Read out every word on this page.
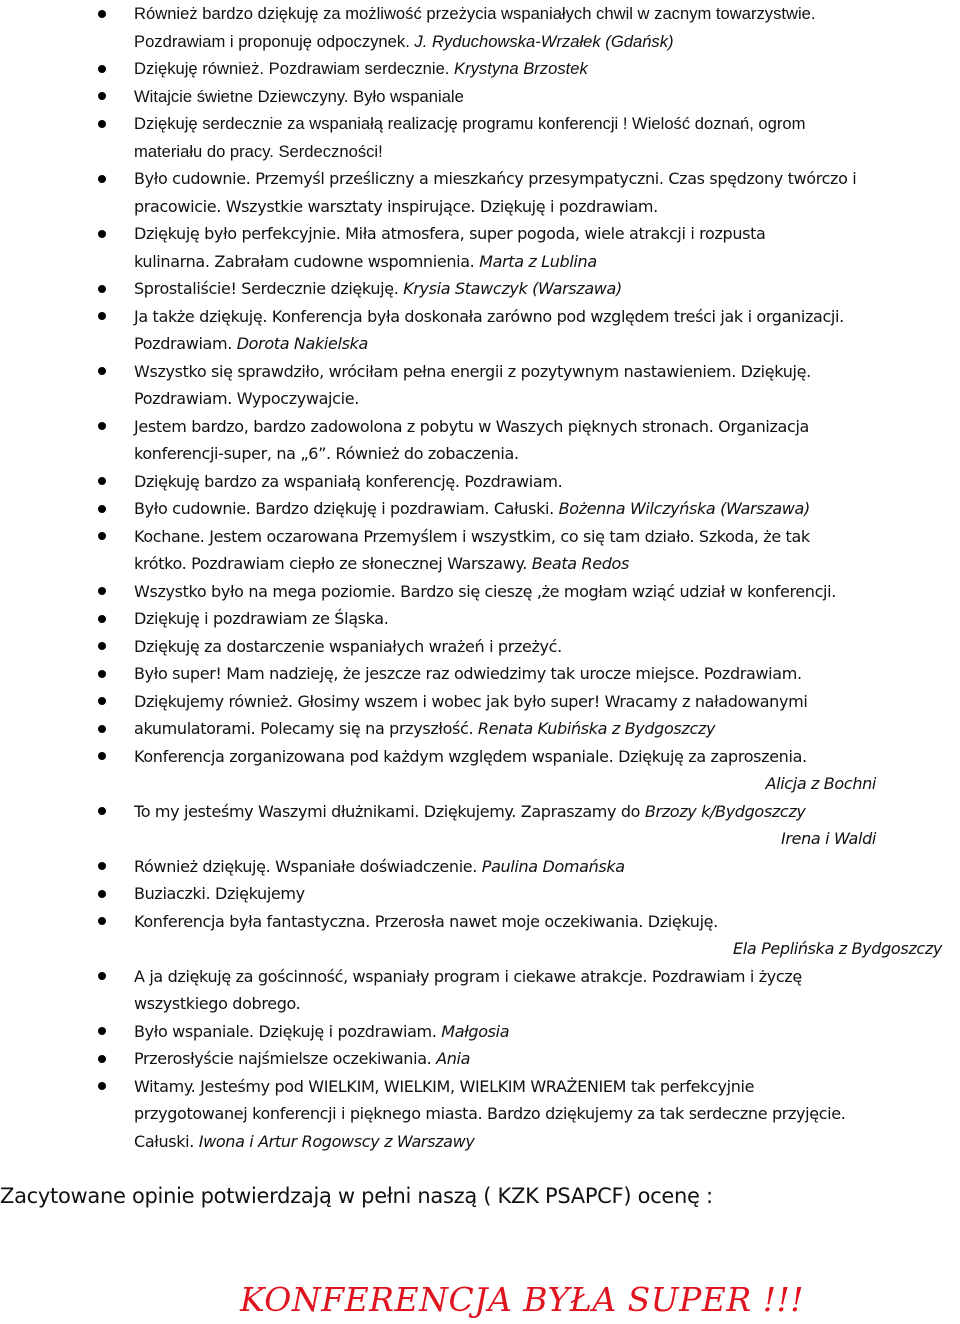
Również bardzo dziękuję za możliwość przeżycia wspaniałych chwil w zacnym towarzystwie.
Pozdrawiam i proponuję odpoczynek. J. Ryduchowska-Wrzałek (Gdańsk)
Dziękuję również. Pozdrawiam serdecznie. Krystyna Brzostek
Witajcie świetne Dziewczyny. Było wspaniale
Dziękuję serdecznie za wspaniałą realizację programu konferencji ! Wielość doznań, ogrom
materiału do pracy. Serdeczności!
Było cudownie. Przemyśl prześliczny a mieszkańcy przesympatyczni. Czas spędzony twórczo i
pracowicie. Wszystkie warsztaty inspirujące. Dziękuję i pozdrawiam.
Dziękuję było perfekcyjnie. Miła atmosfera, super pogoda, wiele atrakcji i rozpusta
kulinarna. Zabrałam cudowne wspomnienia. Marta z Lublina
Sprostaliście! Serdecznie dziękuję. Krysia Stawczyk (Warszawa)
Ja także dziękuję. Konferencja była doskonała zarówno pod względem treści jak i organizacji.
Pozdrawiam. Dorota Nakielska
Wszystko się sprawdziło, wróciłam pełna energii z pozytywnym nastawieniem. Dziękuję.
Pozdrawiam. Wypoczywajcie.
Jestem bardzo, bardzo zadowolona z pobytu w Waszych pięknych stronach. Organizacja
konferencji-super, na „6”. Również do zobaczenia.
Dziękuję bardzo za wspaniałą konferencję. Pozdrawiam.
Było cudownie. Bardzo dziękuję i pozdrawiam. Całuski. Bożenna Wilczyńska (Warszawa)
Kochane. Jestem oczarowana Przemyślem i wszystkim, co się tam działo. Szkoda, że tak
krótko. Pozdrawiam ciepło ze słonecznej Warszawy. Beata Redos
Wszystko było na mega poziomie. Bardzo się cieszę ,że mogłam wziąć udział w konferencji.
Dziękuję i pozdrawiam ze Śląska.
Dziękuję za dostarczenie wspaniałych wrażeń i przeżyć.
Było super! Mam nadzieję, że jeszcze raz odwiedzimy tak urocze miejsce. Pozdrawiam.
Dziękujemy również. Głosimy wszem i wobec jak było super! Wracamy z naładowanymi
akumulatorami. Polecamy się na przyszłość. Renata Kubińska z Bydgoszczy
Konferencja zorganizowana pod każdym względem wspaniale. Dziękuję za zaproszenia.
Alicja z Bochni
To my jesteśmy Waszymi dłużnikami. Dziękujemy. Zapraszamy do Brzozy k/Bydgoszczy
Irena i Waldi
Również dziękuję. Wspaniałe doświadczenie. Paulina Domańska
Buziaczki. Dziękujemy
Konferencja była fantastyczna. Przerosła nawet moje oczekiwania. Dziękuję.
Ela Peplińska z Bydgoszczy
A ja dziękuję za gościnność, wspaniały program i ciekawe atrakcje. Pozdrawiam i życzę
wszystkiego dobrego.
Było wspaniale. Dziękuję i pozdrawiam. Małgosia
Przerosłyście najśmielsze oczekiwania. Ania
Witamy. Jesteśmy pod WIELKIM, WIELKIM, WIELKIM WRAŻENIEM tak perfekcyjnie
przygotowanej konferencji i pięknego miasta. Bardzo dziękujemy za tak serdeczne przyjęcie.
Całuski. Iwona i Artur Rogowscy z Warszawy
Zacytowane opinie potwierdzają w pełni naszą ( KZK PSAPCF) ocenę :
KONFERENCJA BYŁA SUPER !!!
